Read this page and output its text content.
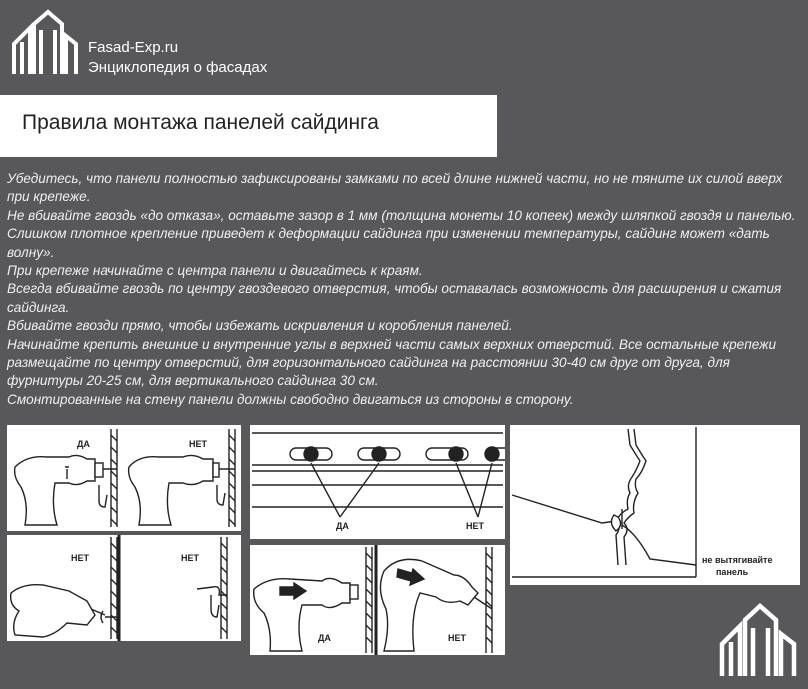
Fasad-Exp.ru
Энциклопедия о фасадах
Правила монтажа панелей сайдинга

Убедитесь, что панели полностью зафиксированы замками по всей длине нижней части, но не тяните их силой вверх при крепеже.

Не вбивайте гвоздь «до отказа», оставьте зазор в 1 мм (толщина монеты 10 копеек) между шляпкой гвоздя и панелью. Слишком плотное крепление приведет к деформации сайдинга при изменении температуры, сайдинг может «дать волну».

При крепеже начинайте с центра панели и двигайтесь к краям.

Всегда вбивайте гвоздь по центру гвоздевого отверстия, чтобы оставалась возможность для расширения и сжатия сайдинга.

Вбивайте гвозди прямо, чтобы избежать искривления и коробления панелей.

Начинайте крепить внешние и внутренние углы в верхней части самых верхних отверстий. Все остальные крепежи размещайте по центру отверстий, для горизонтального сайдинга на расстоянии 30-40 см друг от друга, для фурнитуры 20-25 см, для вертикального сайдинга 30 см.

Смонтированные на стену панели должны свободно двигаться из стороны в сторону.

ДА	НЕТ
НЕТ	НЕТ
ДА	НЕТ
ДА	НЕТ
не вытягивайте
панель
